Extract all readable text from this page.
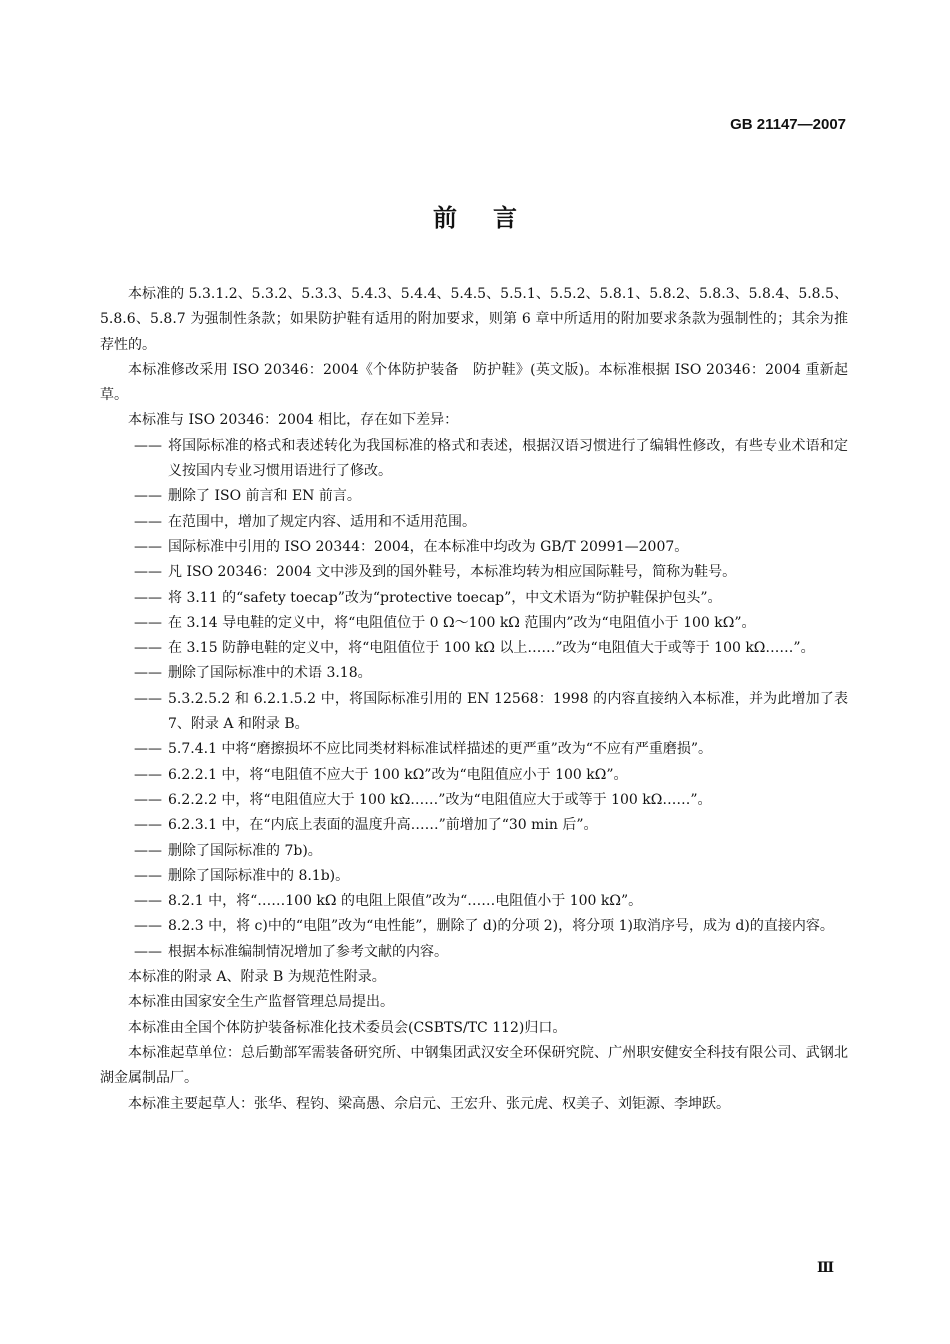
GB 21147—2007
前言

本标准的 5.3.1.2、5.3.2、5.3.3、5.4.3、5.4.4、5.4.5、5.5.1、5.5.2、5.8.1、5.8.2、5.8.3、5.8.4、5.8.5、5.8.6、5.8.7 为强制性条款；如果防护鞋有适用的附加要求，则第 6 章中所适用的附加要求条款为强制性的；其余为推荐性的。

本标准修改采用 ISO 20346：2004《个体防护装备　防护鞋》(英文版)。本标准根据 ISO 20346：2004 重新起草。

本标准与 ISO 20346：2004 相比，存在如下差异：

—— 将国际标准的格式和表述转化为我国标准的格式和表述，根据汉语习惯进行了编辑性修改，有些专业术语和定义按国内专业习惯用语进行了修改。

—— 删除了 ISO 前言和 EN 前言。

—— 在范围中，增加了规定内容、适用和不适用范围。

—— 国际标准中引用的 ISO 20344：2004，在本标准中均改为 GB/T 20991—2007。

—— 凡 ISO 20346：2004 文中涉及到的国外鞋号，本标准均转为相应国际鞋号，简称为鞋号。

—— 将 3.11 的“safety toecap”改为“protective toecap”，中文术语为“防护鞋保护包头”。

—— 在 3.14 导电鞋的定义中，将“电阻值位于 0 Ω～100 kΩ 范围内”改为“电阻值小于 100 kΩ”。

—— 在 3.15 防静电鞋的定义中，将“电阻值位于 100 kΩ 以上……”改为“电阻值大于或等于 100 kΩ……”。

—— 删除了国际标准中的术语 3.18。

—— 5.3.2.5.2 和 6.2.1.5.2 中，将国际标准引用的 EN 12568：1998 的内容直接纳入本标准，并为此增加了表 7、附录 A 和附录 B。

—— 5.7.4.1 中将“磨擦损坏不应比同类材料标准试样描述的更严重”改为“不应有严重磨损”。

—— 6.2.2.1 中，将“电阻值不应大于 100 kΩ”改为“电阻值应小于 100 kΩ”。

—— 6.2.2.2 中，将“电阻值应大于 100 kΩ……”改为“电阻值应大于或等于 100 kΩ……”。

—— 6.2.3.1 中，在“内底上表面的温度升高……”前增加了“30 min 后”。

—— 删除了国际标准的 7b)。

—— 删除了国际标准中的 8.1b)。

—— 8.2.1 中，将“……100 kΩ 的电阻上限值”改为“……电阻值小于 100 kΩ”。

—— 8.2.3 中，将 c)中的“电阻”改为“电性能”，删除了 d)的分项 2)，将分项 1)取消序号，成为 d)的直接内容。

—— 根据本标准编制情况增加了参考文献的内容。

本标准的附录 A、附录 B 为规范性附录。

本标准由国家安全生产监督管理总局提出。

本标准由全国个体防护装备标准化技术委员会(CSBTS/TC 112)归口。

本标准起草单位：总后勤部军需装备研究所、中钢集团武汉安全环保研究院、广州职安健安全科技有限公司、武钢北湖金属制品厂。

本标准主要起草人：张华、程钧、梁高愚、佘启元、王宏升、张元虎、权美子、刘钜源、李坤跃。

Ⅲ
